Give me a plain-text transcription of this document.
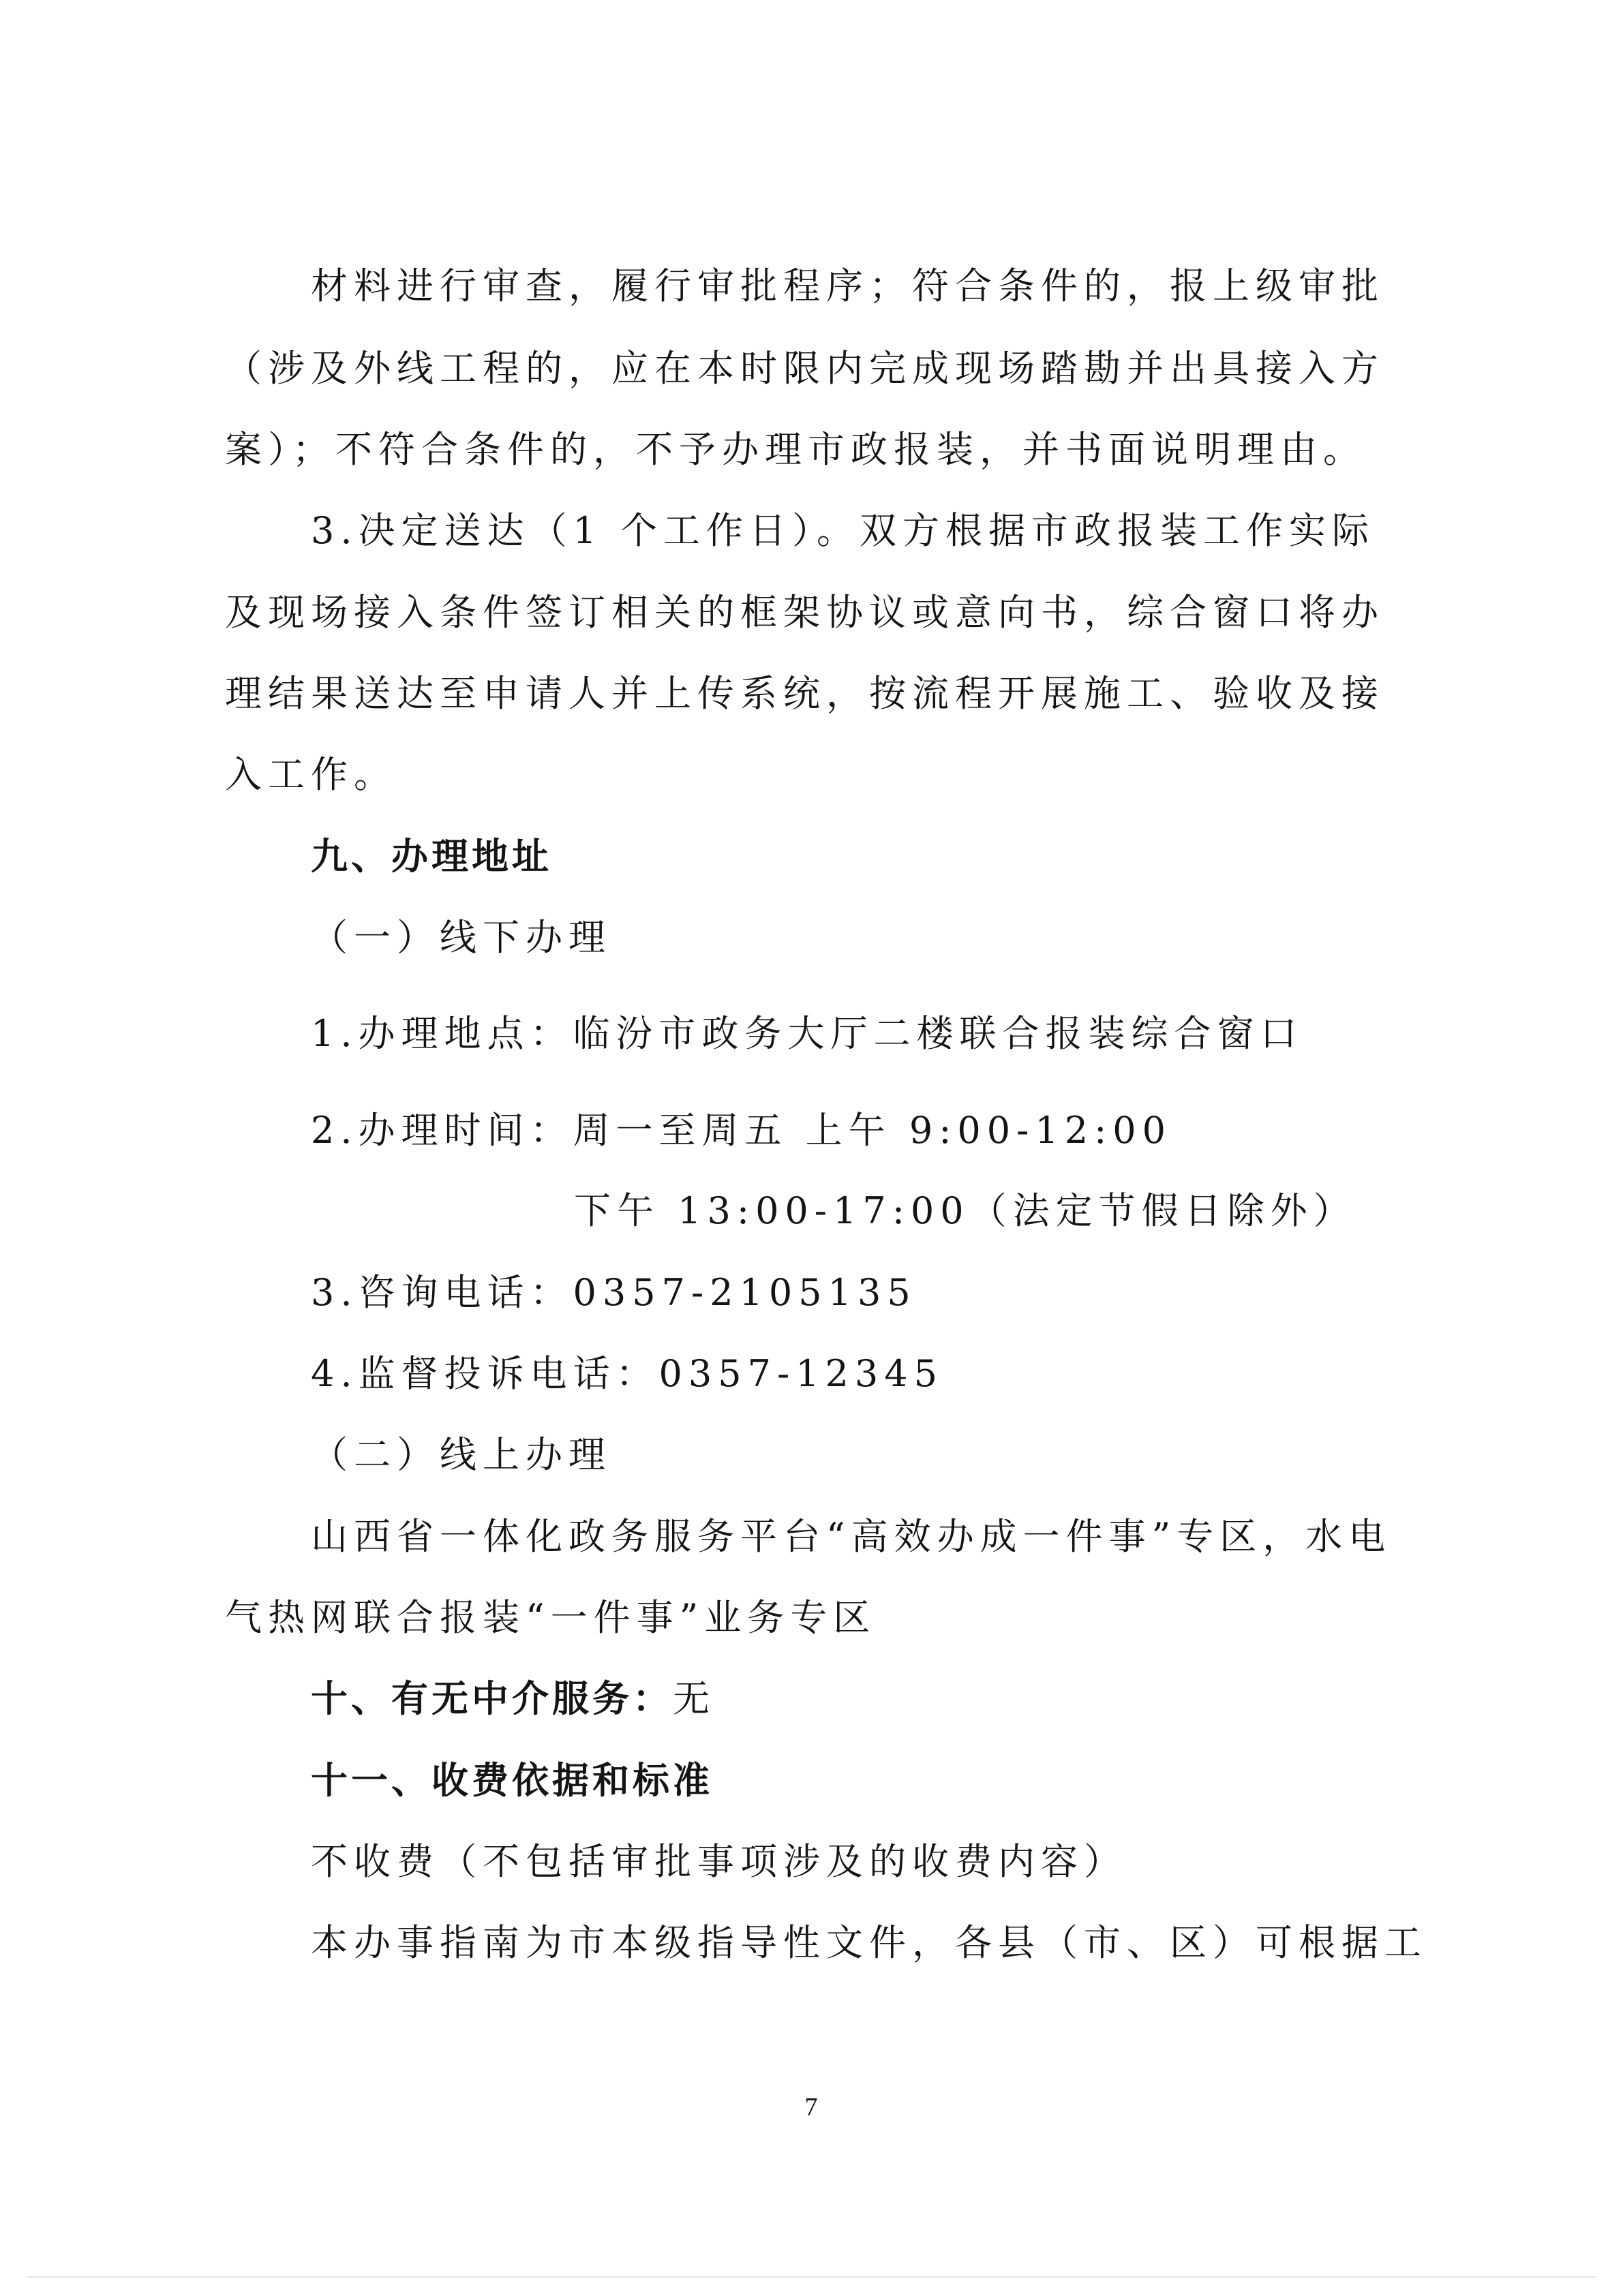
材料进行审查，履行审批程序；符合条件的，报上级审批
（涉及外线工程的，应在本时限内完成现场踏勘并出具接入方
案）；不符合条件的，不予办理市政报装，并书面说明理由。
3.决定送达（1 个工作日）。双方根据市政报装工作实际
及现场接入条件签订相关的框架协议或意向书，综合窗口将办
理结果送达至申请人并上传系统，按流程开展施工、验收及接
入工作。
九、办理地址
（一）线下办理
1.办理地点：临汾市政务大厅二楼联合报装综合窗口
2.办理时间：周一至周五 上午 9:00-12:00
下午 13:00-17:00（法定节假日除外）
3.咨询电话：0357-2105135
4.监督投诉电话：0357-12345
（二）线上办理
山西省一体化政务服务平台“高效办成一件事”专区，水电
气热网联合报装“一件事”业务专区
十、有无中介服务：无
十一、收费依据和标准
不收费（不包括审批事项涉及的收费内容）
本办事指南为市本级指导性文件，各县（市、区）可根据工
7
